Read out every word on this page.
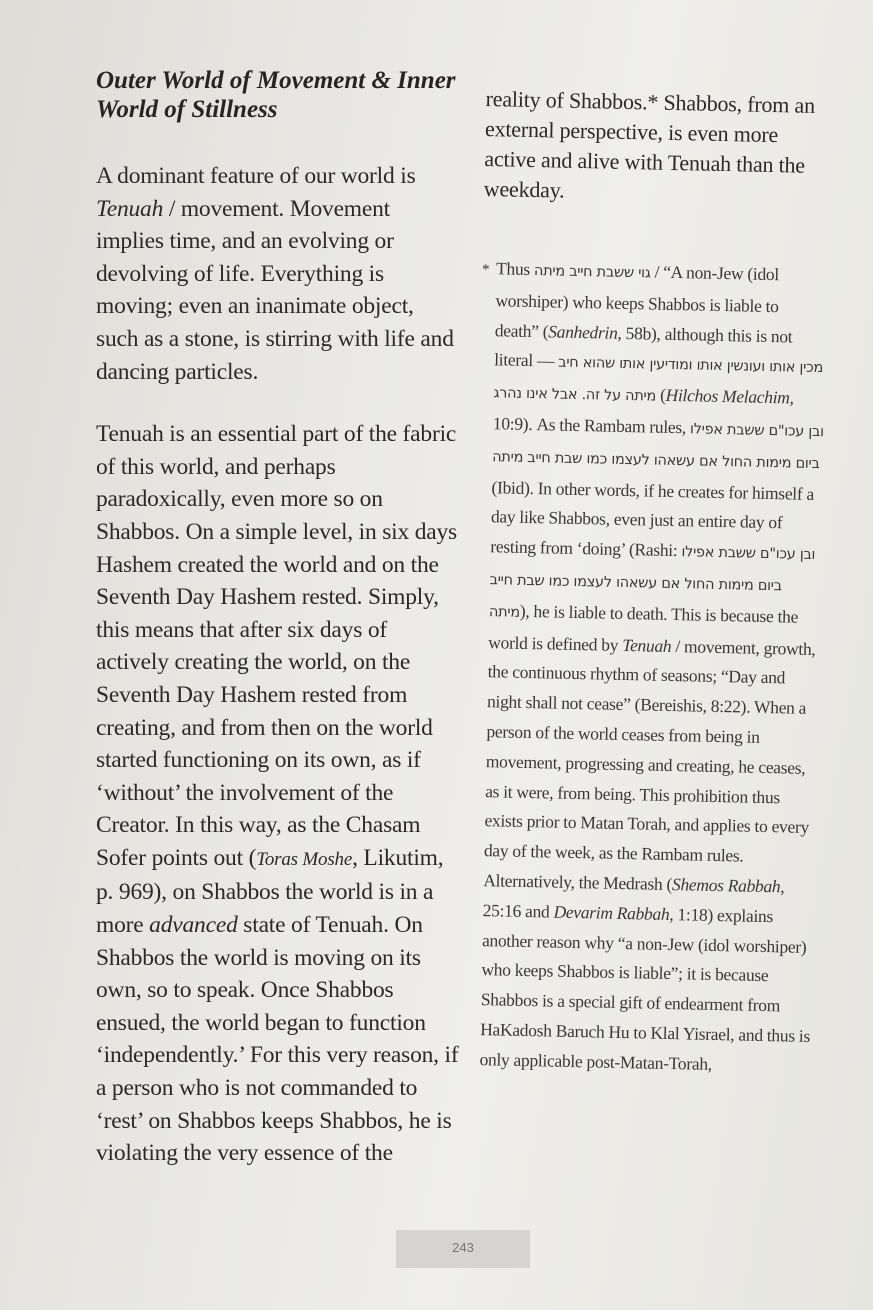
Outer World of Movement & Inner World of Stillness

A dominant feature of our world is Tenuah / movement. Movement implies time, and an evolving or devolving of life. Everything is moving; even an inanimate object, such as a stone, is stirring with life and dancing particles.

Tenuah is an essential part of the fabric of this world, and perhaps paradoxically, even more so on Shabbos. On a simple level, in six days Hashem created the world and on the Seventh Day Hashem rested. Simply, this means that after six days of actively creating the world, on the Seventh Day Hashem rested from creating, and from then on the world started functioning on its own, as if ‘without’ the involvement of the Creator. In this way, as the Chasam Sofer points out (Toras Moshe, Likutim, p. 969), on Shabbos the world is in a more advanced state of Tenuah. On Shabbos the world is moving on its own, so to speak. Once Shabbos ensued, the world began to function ‘independently.’ For this very reason, if a person who is not commanded to ‘rest’ on Shabbos keeps Shabbos, he is violating the very essence of the

reality of Shabbos.* Shabbos, from an external perspective, is even more active and alive with Tenuah than the weekday.

* Thus גוי ששבת חייב מיתה / “A non-Jew (idol worshiper) who keeps Shabbos is liable to death” (Sanhedrin, 58b), although this is not literal — מכין אותו ועונשין אותו ומודיעין אותו שהוא חיב מיתה על זה. אבל אינו נהרג (Hilchos Melachim, 10:9). As the Rambam rules, ובן עכו"ם ששבת אפילו ביום מימות החול אם עשאהו לעצמו כמו שבת חייב מיתה (Ibid). In other words, if he creates for himself a day like Shabbos, even just an entire day of resting from ‘doing’ (Rashi: ובן עכו"ם ששבת אפילו ביום מימות החול אם עשאהו לעצמו כמו שבת חייב מיתה), he is liable to death. This is because the world is defined by Tenuah / movement, growth, the continuous rhythm of seasons; “Day and night shall not cease” (Bereishis, 8:22). When a person of the world ceases from being in movement, progressing and creating, he ceases, as it were, from being. This prohibition thus exists prior to Matan Torah, and applies to every day of the week, as the Rambam rules. Alternatively, the Medrash (Shemos Rabbah, 25:16 and Devarim Rabbah, 1:18) explains another reason why “a non-Jew (idol worshiper) who keeps Shabbos is liable”; it is because Shabbos is a special gift of endearment from HaKadosh Baruch Hu to Klal Yisrael, and thus is only applicable post-Matan-Torah,
243
